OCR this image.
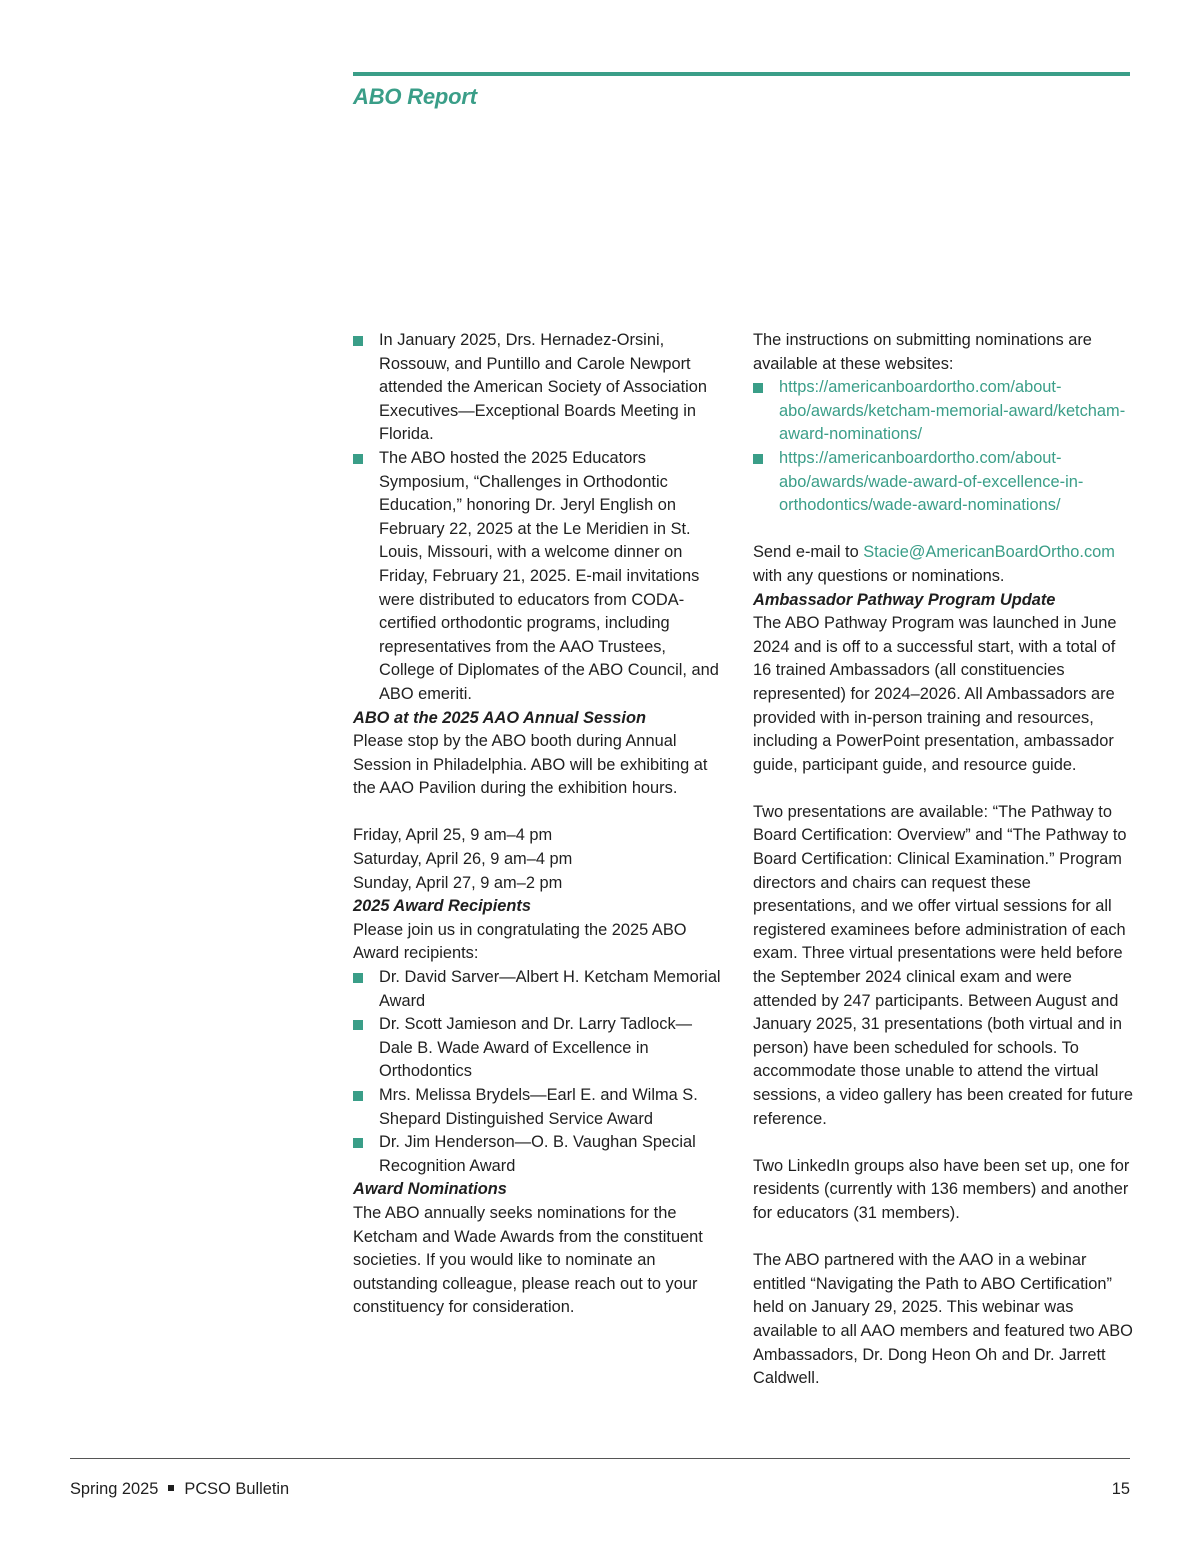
ABO Report
In January 2025, Drs. Hernadez-Orsini, Rossouw, and Puntillo and Carole Newport attended the American Society of Association Executives—Exceptional Boards Meeting in Florida.
The ABO hosted the 2025 Educators Symposium, “Challenges in Orthodontic Education,” honoring Dr. Jeryl English on February 22, 2025 at the Le Meridien in St. Louis, Missouri, with a welcome dinner on Friday, February 21, 2025. E-mail invitations were distributed to educators from CODA-certified orthodontic programs, including representatives from the AAO Trustees, College of Diplomates of the ABO Council, and ABO emeriti.

ABO at the 2025 AAO Annual Session

Please stop by the ABO booth during Annual Session in Philadelphia. ABO will be exhibiting at the AAO Pavilion during the exhibition hours.

Friday, April 25, 9 am–4 pm
Saturday, April 26, 9 am–4 pm
Sunday, April 27, 9 am–2 pm

2025 Award Recipients

Please join us in congratulating the 2025 ABO Award recipients:

Dr. David Sarver—Albert H. Ketcham Memorial Award
Dr. Scott Jamieson and Dr. Larry Tadlock—Dale B. Wade Award of Excellence in Orthodontics
Mrs. Melissa Brydels—Earl E. and Wilma S. Shepard Distinguished Service Award
Dr. Jim Henderson—O. B. Vaughan Special Recognition Award

Award Nominations

The ABO annually seeks nominations for the Ketcham and Wade Awards from the constituent societies. If you would like to nominate an outstanding colleague, please reach out to your constituency for consideration.

The instructions on submitting nominations are available at these websites:

https://americanboardortho.com/about-abo/awards/ketcham-memorial-award/ketcham-award-nominations/
https://americanboardortho.com/about-abo/awards/wade-award-of-excellence-in-orthodontics/wade-award-nominations/

Send e-mail to Stacie@AmericanBoardOrtho.com with any questions or nominations.

Ambassador Pathway Program Update

The ABO Pathway Program was launched in June 2024 and is off to a successful start, with a total of 16 trained Ambassadors (all constituencies represented) for 2024–2026. All Ambassadors are provided with in-person training and resources, including a PowerPoint presentation, ambassador guide, participant guide, and resource guide.

Two presentations are available: “The Pathway to Board Certification: Overview” and “The Pathway to Board Certification: Clinical Examination.” Program directors and chairs can request these presentations, and we offer virtual sessions for all registered examinees before administration of each exam. Three virtual presentations were held before the September 2024 clinical exam and were attended by 247 participants. Between August and January 2025, 31 presentations (both virtual and in person) have been scheduled for schools. To accommodate those unable to attend the virtual sessions, a video gallery has been created for future reference.

Two LinkedIn groups also have been set up, one for residents (currently with 136 members) and another for educators (31 members).

The ABO partnered with the AAO in a webinar entitled “Navigating the Path to ABO Certification” held on January 29, 2025. This webinar was available to all AAO members and featured two ABO Ambassadors, Dr. Dong Heon Oh and Dr. Jarrett Caldwell.

Spring 2025 PCSO Bulletin	15
